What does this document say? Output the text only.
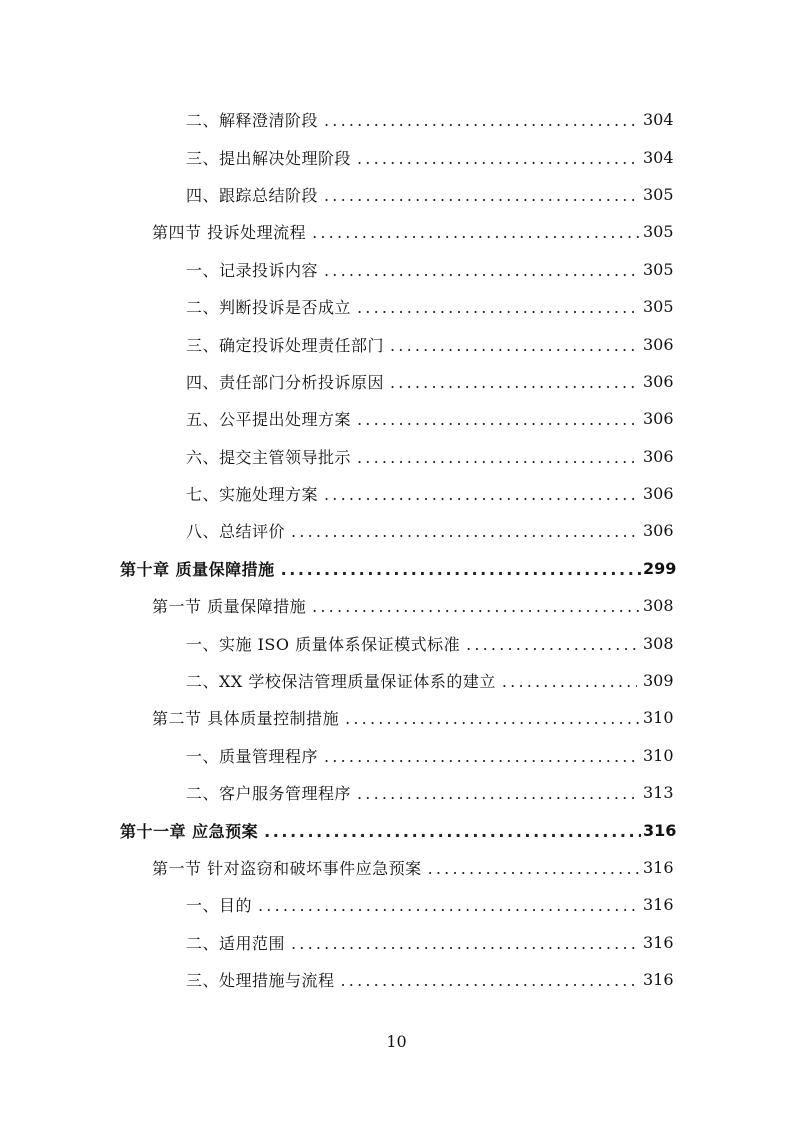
二、解释澄清阶段 .....	304
三、提出解决处理阶段 .....	304
四、跟踪总结阶段 .....	305
第四节 投诉处理流程 .....	305
一、记录投诉内容 .....	305
二、判断投诉是否成立 .....	305
三、确定投诉处理责任部门 .....	306
四、责任部门分析投诉原因 .....	306
五、公平提出处理方案 .....	306
六、提交主管领导批示 .....	306
七、实施处理方案 .....	306
八、总结评价 .....	306
第十章 质量保障措施 .....	299
第一节 质量保障措施 .....	308
一、实施 ISO 质量体系保证模式标准 .....	308
二、XX 学校保洁管理质量保证体系的建立 .....	309
第二节 具体质量控制措施 .....	310
一、质量管理程序 .....	310
二、客户服务管理程序 .....	313
第十一章 应急预案 .....	316
第一节 针对盗窃和破坏事件应急预案 .....	316
一、目的 .....	316
二、适用范围 .....	316
三、处理措施与流程 .....	316
10
